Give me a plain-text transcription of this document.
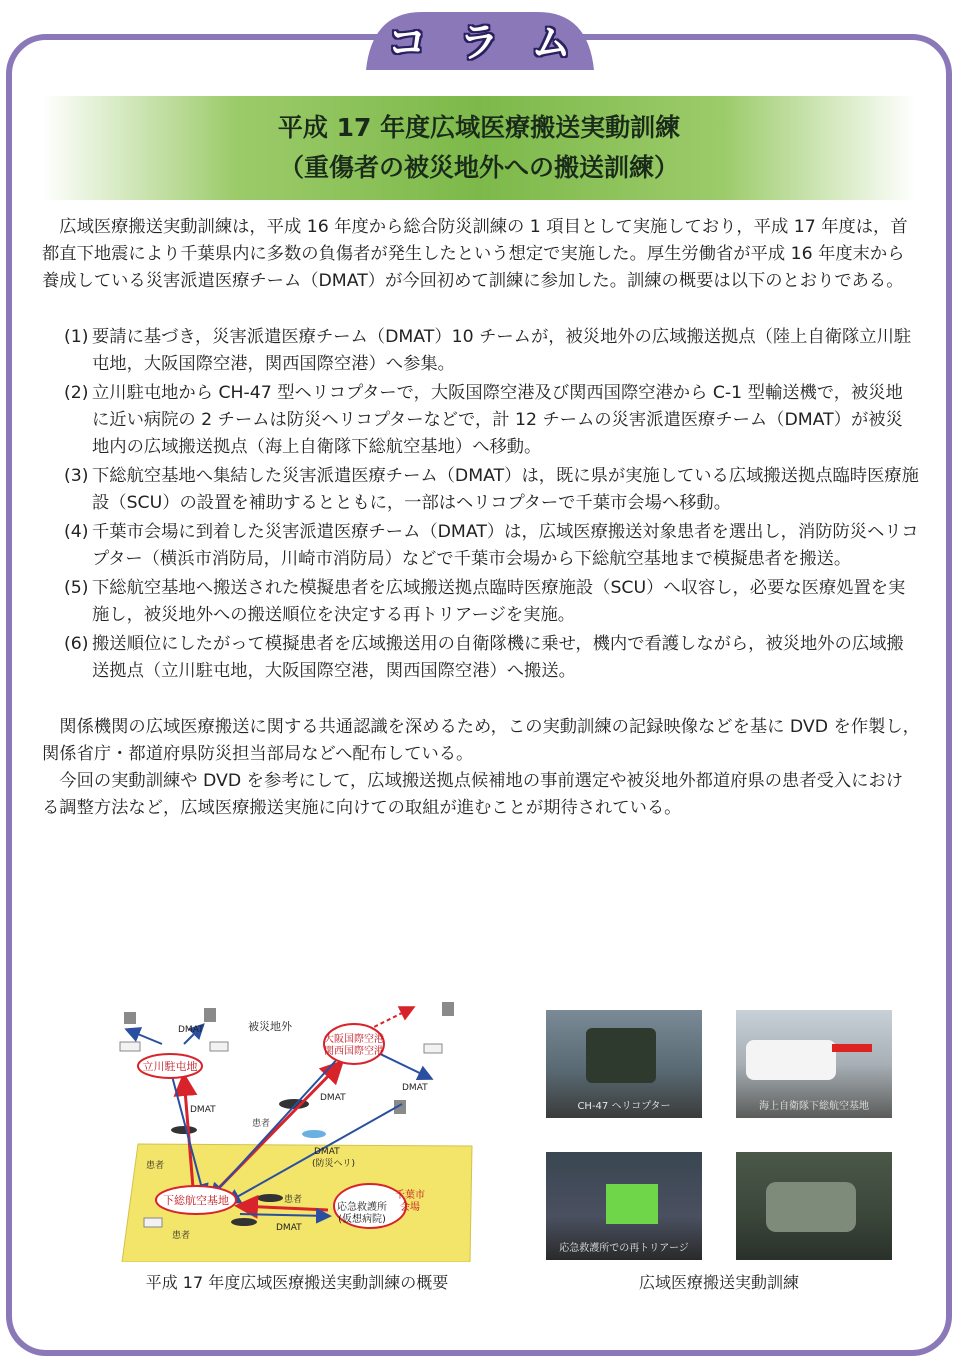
コ ラ ム
平成 17 年度広域医療搬送実動訓練
（重傷者の被災地外への搬送訓練）

広域医療搬送実動訓練は，平成 16 年度から総合防災訓練の 1 項目として実施しており，平成 17 年度は，首都直下地震により千葉県内に多数の負傷者が発生したという想定で実施した。厚生労働省が平成 16 年度末から養成している災害派遣医療チーム（DMAT）が今回初めて訓練に参加した。訓練の概要は以下のとおりである。

(1) 要請に基づき，災害派遣医療チーム（DMAT）10 チームが，被災地外の広域搬送拠点（陸上自衛隊立川駐屯地，大阪国際空港，関西国際空港）へ参集。
(2) 立川駐屯地から CH-47 型ヘリコプターで，大阪国際空港及び関西国際空港から C-1 型輸送機で，被災地に近い病院の 2 チームは防災ヘリコプターなどで，計 12 チームの災害派遣医療チーム（DMAT）が被災地内の広域搬送拠点（海上自衛隊下総航空基地）へ移動。
(3) 下総航空基地へ集結した災害派遣医療チーム（DMAT）は，既に県が実施している広域搬送拠点臨時医療施設（SCU）の設置を補助するとともに，一部はヘリコプターで千葉市会場へ移動。
(4) 千葉市会場に到着した災害派遣医療チーム（DMAT）は，広域医療搬送対象患者を選出し，消防防災ヘリコプター（横浜市消防局，川崎市消防局）などで千葉市会場から下総航空基地まで模擬患者を搬送。
(5) 下総航空基地へ搬送された模擬患者を広域搬送拠点臨時医療施設（SCU）へ収容し，必要な医療処置を実施し，被災地外への搬送順位を決定する再トリアージを実施。
(6) 搬送順位にしたがって模擬患者を広域搬送用の自衛隊機に乗せ，機内で看護しながら，被災地外の広域搬送拠点（立川駐屯地，大阪国際空港，関西国際空港）へ搬送。

関係機関の広域医療搬送に関する共通認識を深めるため，この実動訓練の記録映像などを基に DVD を作製し，関係省庁・都道府県防災担当部局などへ配布している。

今回の実動訓練や DVD を参考にして，広域搬送拠点候補地の事前選定や被災地外都道府県の患者受入における調整方法など，広域医療搬送実施に向けての取組が進むことが期待されている。

立川駐屯地
大阪国際空港
関西国際空港
下総航空基地
応急救護所
(仮想病院)
千葉市
会場
被災地外
DMAT
DMAT
DMAT
DMAT
DMAT
(防災ヘリ)
DMAT
患者
患者
患者
患者
平成 17 年度広域医療搬送実動訓練の概要
CH-47 ヘリコプター	海上自衛隊下総航空基地
応急救護所での再トリアージ
広域医療搬送実動訓練
